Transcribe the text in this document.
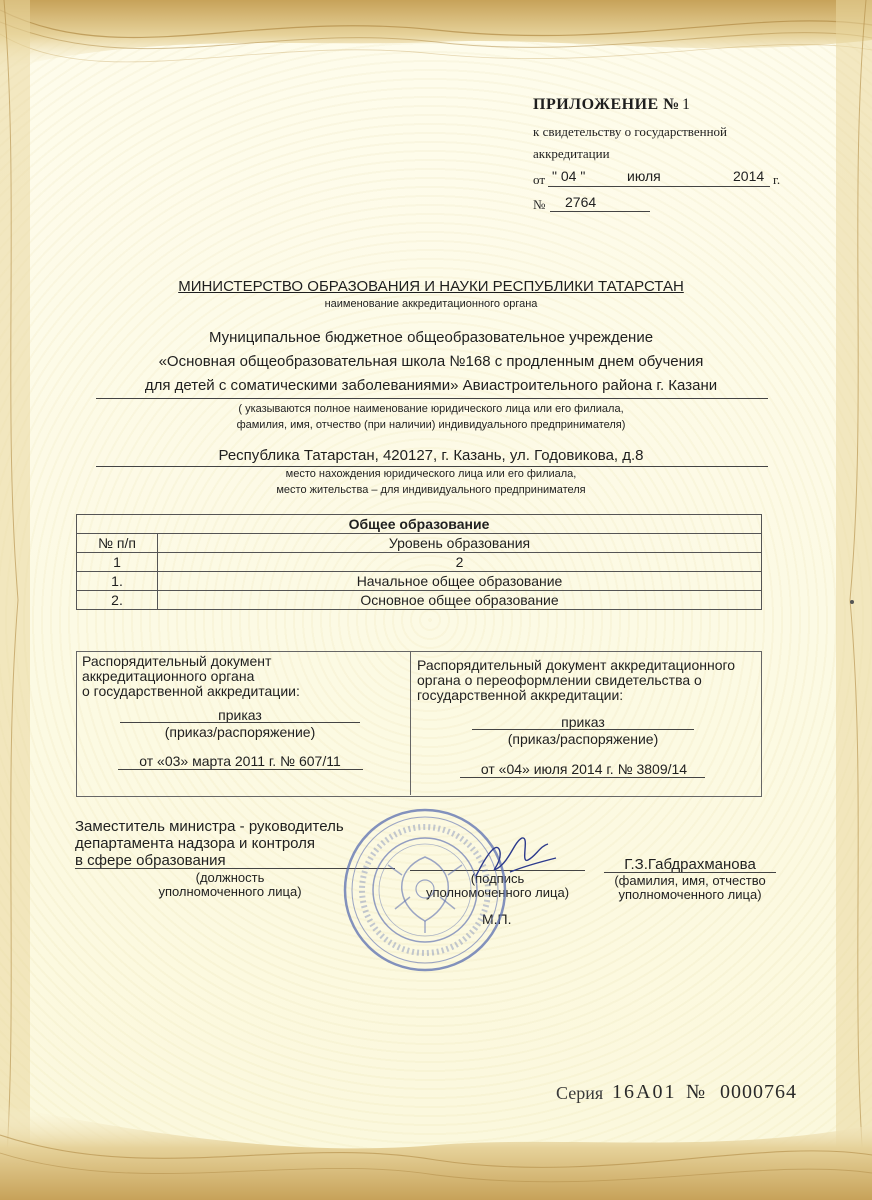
ПРИЛОЖЕНИЕ № 1
к свидетельству о государственной
аккредитации
от " 04 "	июля	2014 г.
№ 2764
МИНИСТЕРСТВО ОБРАЗОВАНИЯ И НАУКИ РЕСПУБЛИКИ ТАТАРСТАН
наименование аккредитационного органа
Муниципальное бюджетное общеобразовательное учреждение
«Основная общеобразовательная школа №168 с продленным днем обучения
для детей с соматическими заболеваниями» Авиастроительного района г. Казани
( указываются полное наименование юридического лица или его филиала,
фамилия, имя, отчество (при наличии) индивидуального предпринимателя)
Республика Татарстан, 420127, г. Казань, ул. Годовикова, д.8
место нахождения юридического лица или его филиала,
место жительства – для индивидуального предпринимателя
Общее образование	
№ п/п	Уровень образования
1	2
1.	Начальное общее образование
2.	Основное общее образование
Распорядительный документ
аккредитационного органа
о государственной аккредитации:
приказ
(приказ/распоряжение)
от «03» марта 2011 г. № 607/11
Распорядительный документ аккредитационного
органа о переоформлении свидетельства о
государственной аккредитации:
приказ
(приказ/распоряжение)
от «04» июля 2014 г. № 3809/14
Заместитель министра - руководитель
департамента надзора и контроля
в сфере образования
(должность
уполномоченного лица)
(подпись
уполномоченного лица)
М.П.
Г.З.Габдрахманова
(фамилия, имя, отчество
уполномоченного лица)
Серия 16А01 № 0000764
